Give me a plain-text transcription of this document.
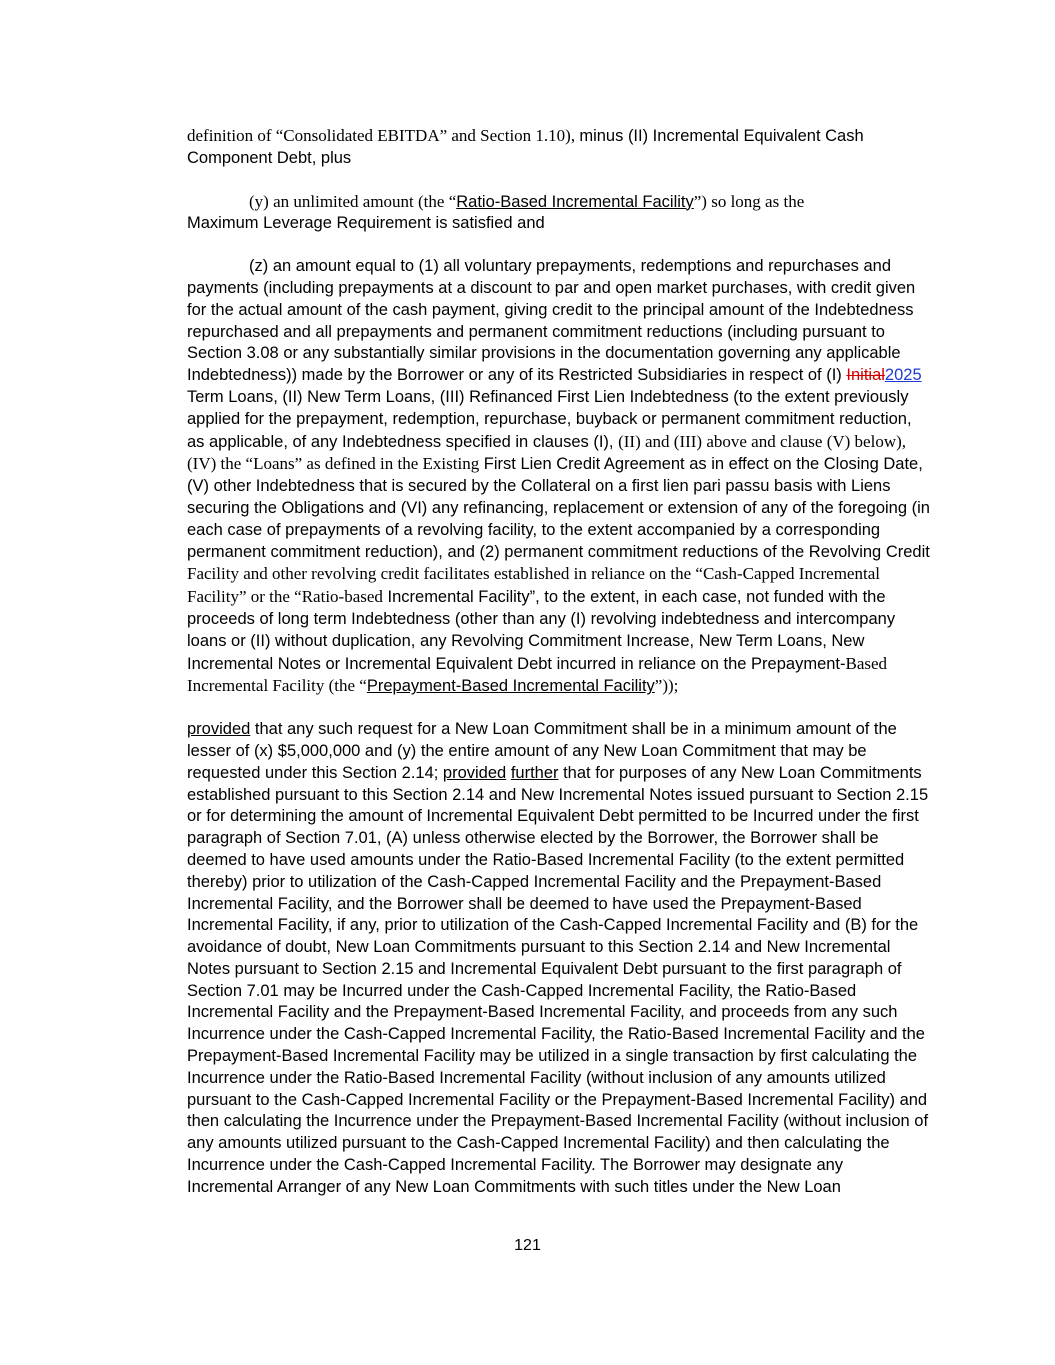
definition of “Consolidated EBITDA” and Section 1.10), minus (II) Incremental Equivalent Cash Component Debt, plus

(y) an unlimited amount (the “Ratio-Based Incremental Facility”) so long as the
Maximum Leverage Requirement is satisfied and

(z) an amount equal to (1) all voluntary prepayments, redemptions and repurchases and payments (including prepayments at a discount to par and open market purchases, with credit given for the actual amount of the cash payment, giving credit to the principal amount of the Indebtedness repurchased and all prepayments and permanent commitment reductions (including pursuant to Section 3.08 or any substantially similar provisions in the documentation governing any applicable Indebtedness)) made by the Borrower or any of its Restricted Subsidiaries in respect of (I) Initial2025 Term Loans, (II) New Term Loans, (III) Refinanced First Lien Indebtedness (to the extent previously applied for the prepayment, redemption, repurchase, buyback or permanent commitment reduction, as applicable, of any Indebtedness specified in clauses (I), (II) and (III) above and clause (V) below), (IV) the “Loans” as defined in the Existing First Lien Credit Agreement as in effect on the Closing Date, (V) other Indebtedness that is secured by the Collateral on a first lien pari passu basis with Liens securing the Obligations and (VI) any refinancing, replacement or extension of any of the foregoing (in each case of prepayments of a revolving facility, to the extent accompanied by a corresponding permanent commitment reduction), and (2) permanent commitment reductions of the Revolving Credit Facility and other revolving credit facilitates established in reliance on the “Cash-Capped Incremental Facility” or the “Ratio-based Incremental Facility”, to the extent, in each case, not funded with the proceeds of long term Indebtedness (other than any (I) revolving indebtedness and intercompany loans or (II) without duplication, any Revolving Commitment Increase, New Term Loans, New Incremental Notes or Incremental Equivalent Debt incurred in reliance on the Prepayment-Based Incremental Facility (the “Prepayment-Based Incremental Facility”));

provided that any such request for a New Loan Commitment shall be in a minimum amount of the lesser of (x) $5,000,000 and (y) the entire amount of any New Loan Commitment that may be requested under this Section 2.14; provided further that for purposes of any New Loan Commitments established pursuant to this Section 2.14 and New Incremental Notes issued pursuant to Section 2.15 or for determining the amount of Incremental Equivalent Debt permitted to be Incurred under the first paragraph of Section 7.01, (A) unless otherwise elected by the Borrower, the Borrower shall be deemed to have used amounts under the Ratio-Based Incremental Facility (to the extent permitted thereby) prior to utilization of the Cash-Capped Incremental Facility and the Prepayment-Based Incremental Facility, and the Borrower shall be deemed to have used the Prepayment-Based Incremental Facility, if any, prior to utilization of the Cash-Capped Incremental Facility and (B) for the avoidance of doubt, New Loan Commitments pursuant to this Section 2.14 and New Incremental Notes pursuant to Section 2.15 and Incremental Equivalent Debt pursuant to the first paragraph of Section 7.01 may be Incurred under the Cash-Capped Incremental Facility, the Ratio-Based Incremental Facility and the Prepayment-Based Incremental Facility, and proceeds from any such Incurrence under the Cash-Capped Incremental Facility, the Ratio-Based Incremental Facility and the Prepayment-Based Incremental Facility may be utilized in a single transaction by first calculating the Incurrence under the Ratio-Based Incremental Facility (without inclusion of any amounts utilized pursuant to the Cash-Capped Incremental Facility or the Prepayment-Based Incremental Facility) and then calculating the Incurrence under the Prepayment-Based Incremental Facility (without inclusion of any amounts utilized pursuant to the Cash-Capped Incremental Facility) and then calculating the Incurrence under the Cash-Capped Incremental Facility. The Borrower may designate any Incremental Arranger of any New Loan Commitments with such titles under the New Loan

121
